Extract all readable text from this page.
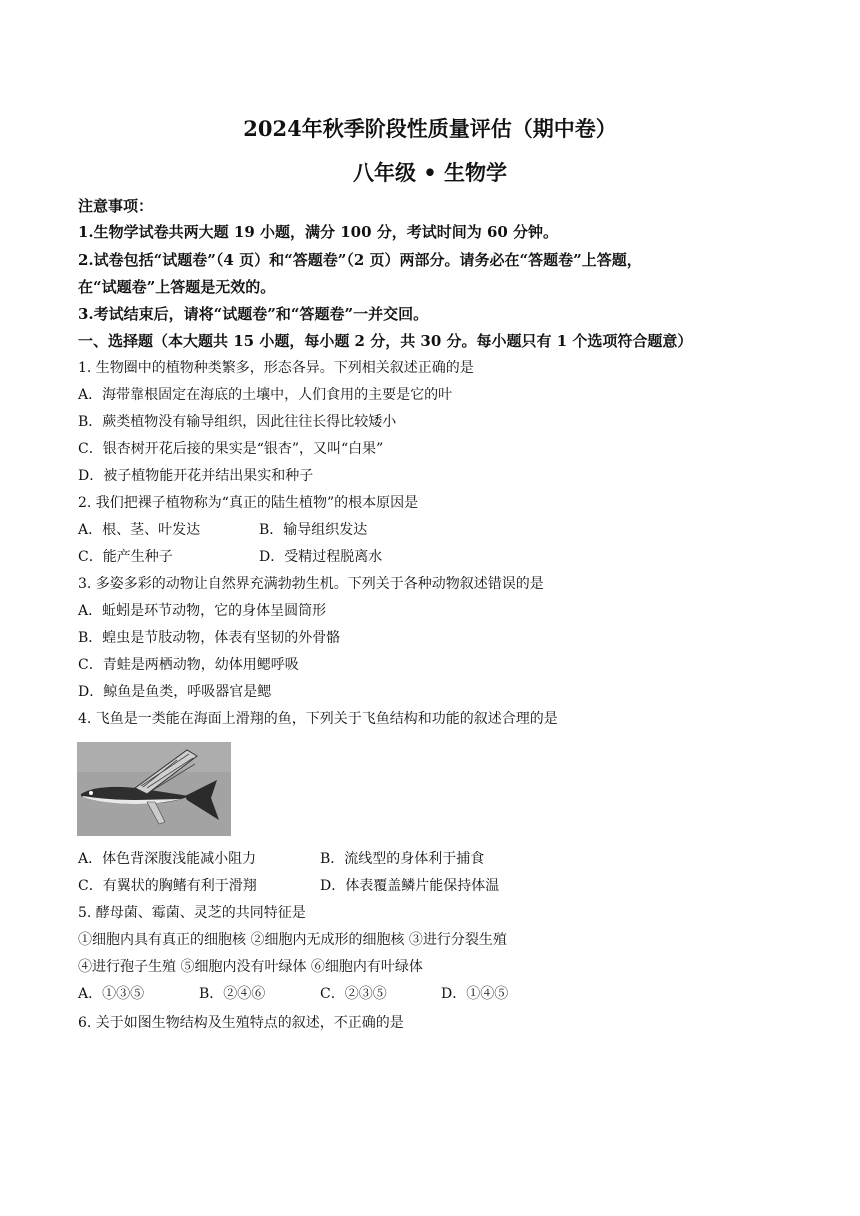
2024年秋季阶段性质量评估（期中卷）
八年级 • 生物学
注意事项：
1.生物学试卷共两大题 19 小题，满分 100 分，考试时间为 60 分钟。
2.试卷包括“试题卷”（4 页）和“答题卷”（2 页）两部分。请务必在“答题卷”上答题，
在“试题卷”上答题是无效的。
3.考试结束后，请将“试题卷”和“答题卷”一并交回。
一、选择题（本大题共 15 小题，每小题 2 分，共 30 分。每小题只有 1 个选项符合题意）
1. 生物圈中的植物种类繁多，形态各异。下列相关叙述正确的是
A．海带靠根固定在海底的土壤中，人们食用的主要是它的叶
B．蕨类植物没有输导组织，因此往往长得比较矮小
C．银杏树开花后接的果实是“银杏”，又叫“白果”
D．被子植物能开花并结出果实和种子
2. 我们把裸子植物称为“真正的陆生植物”的根本原因是
A．根、茎、叶发达	B．输导组织发达
C．能产生种子	D．受精过程脱离水
3. 多姿多彩的动物让自然界充满勃勃生机。下列关于各种动物叙述错误的是
A．蚯蚓是环节动物，它的身体呈圆筒形
B．蝗虫是节肢动物，体表有坚韧的外骨骼
C．青蛙是两栖动物，幼体用鳃呼吸
D．鲸鱼是鱼类，呼吸器官是鳃
4. 飞鱼是一类能在海面上滑翔的鱼，下列关于飞鱼结构和功能的叙述合理的是
A．体色背深腹浅能减小阻力	B．流线型的身体利于捕食
C．有翼状的胸鳍有利于滑翔	D．体表覆盖鳞片能保持体温
5. 酵母菌、霉菌、灵芝的共同特征是
①细胞内具有真正的细胞核 ②细胞内无成形的细胞核 ③进行分裂生殖
④进行孢子生殖 ⑤细胞内没有叶绿体 ⑥细胞内有叶绿体
A．①③⑤	B．②④⑥	C．②③⑤	D．①④⑤
6. 关于如图生物结构及生殖特点的叙述，不正确的是
